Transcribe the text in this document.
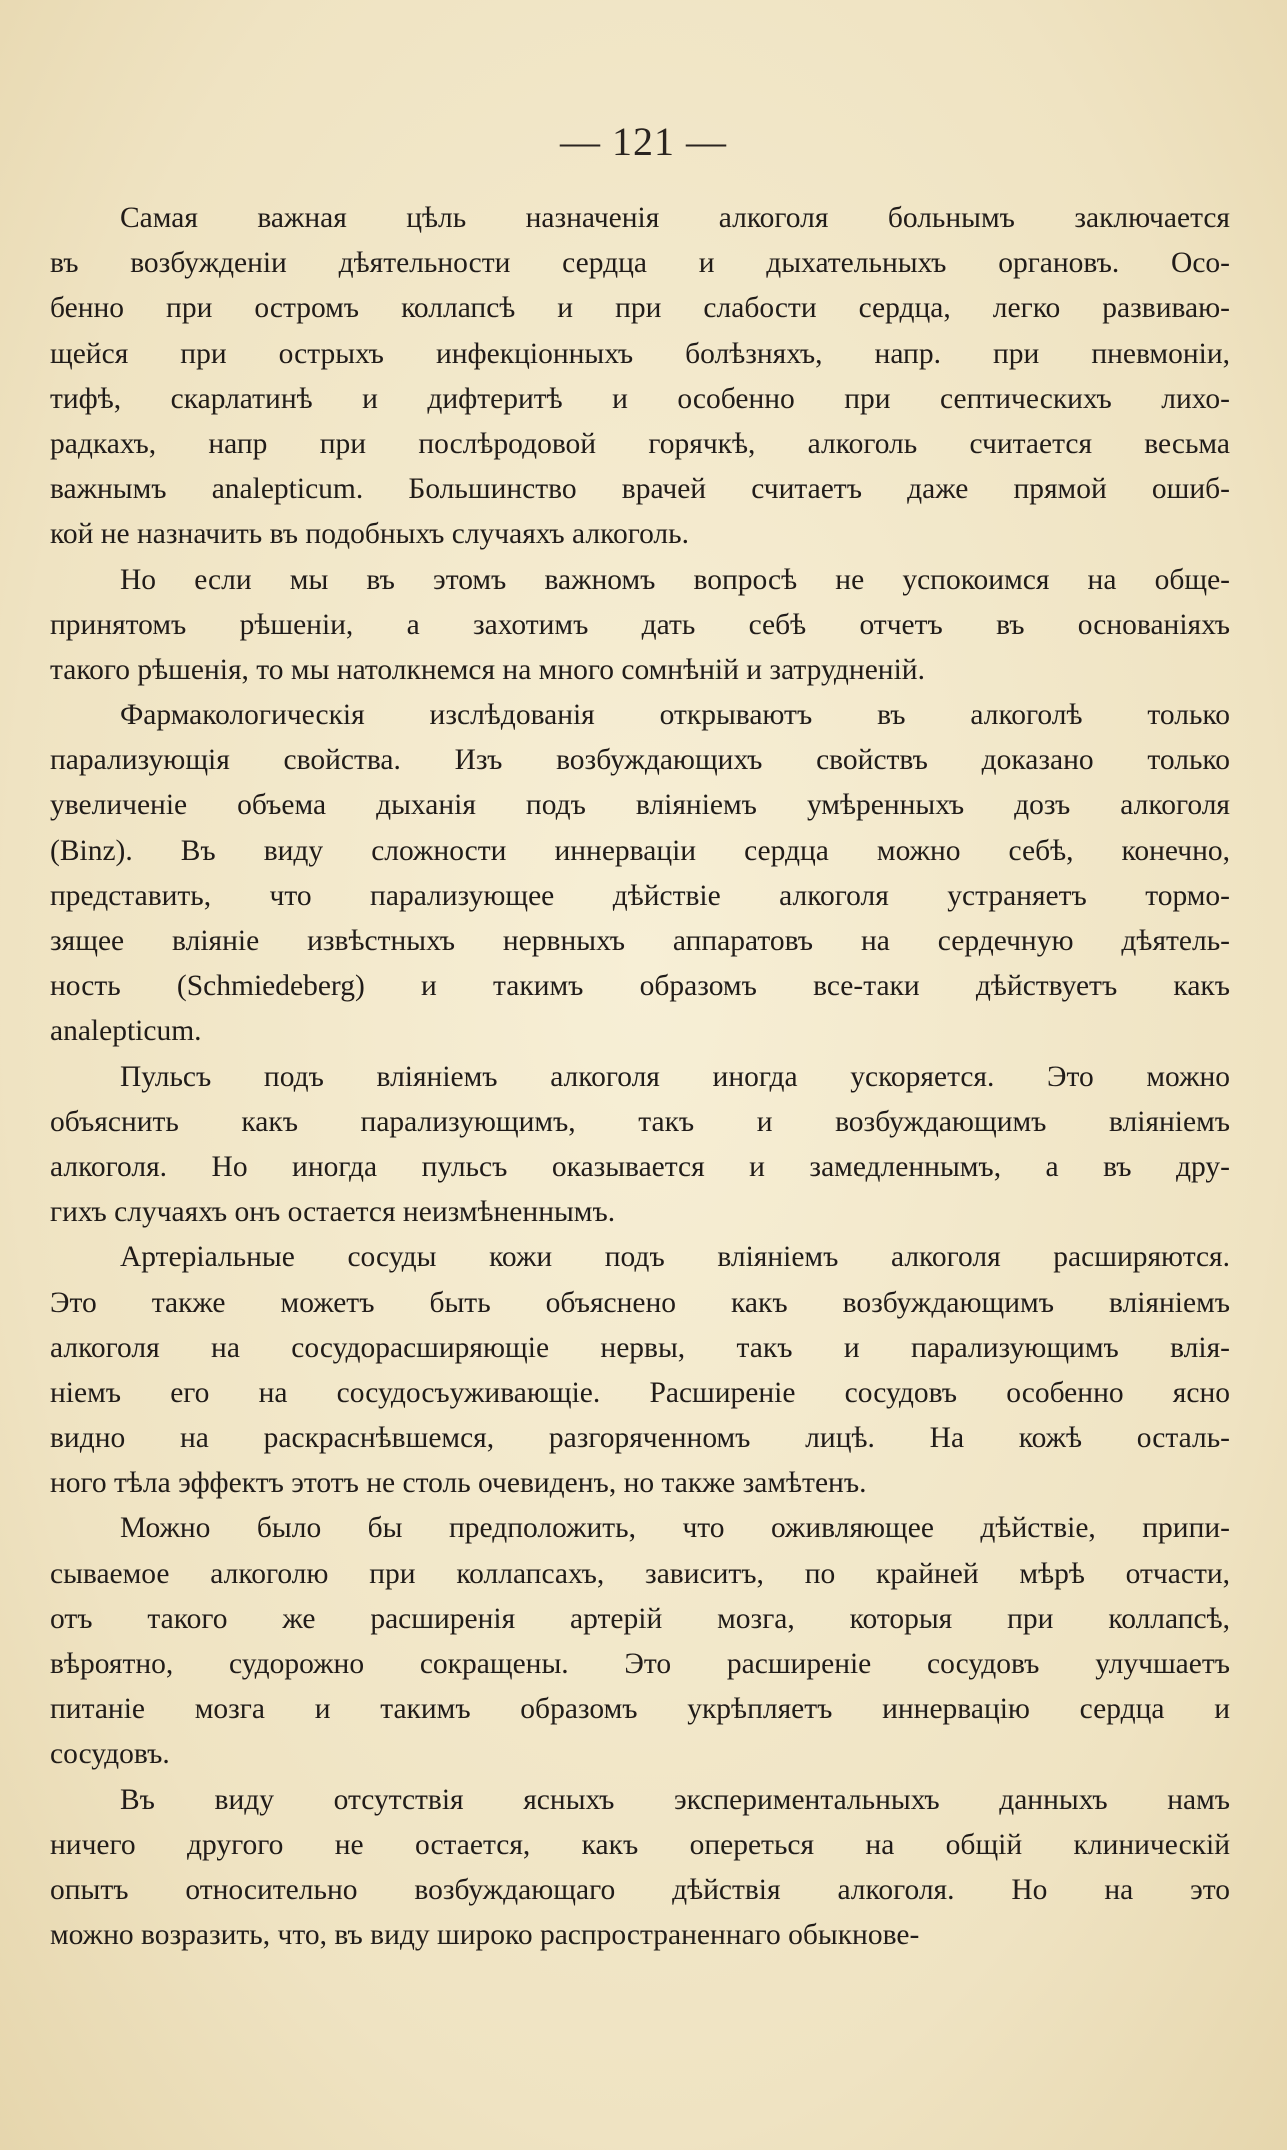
— 121 —
Самая важная цѣль назначенія алкоголя больнымъ заключается
въ возбужденіи дѣятельности сердца и дыхательныхъ органовъ. Осо-
бенно при остромъ коллапсѣ и при слабости сердца, легко развиваю-
щейся при острыхъ инфекціонныхъ болѣзняхъ, напр. при пневмоніи,
тифѣ, скарлатинѣ и дифтеритѣ и особенно при септическихъ лихо-
радкахъ, напр при послѣродовой горячкѣ, алкоголь считается весьма
важнымъ analepticum. Большинство врачей считаетъ даже прямой ошиб-
кой не назначить въ подобныхъ случаяхъ алкоголь.
Но если мы въ этомъ важномъ вопросѣ не успокоимся на обще-
принятомъ рѣшеніи, а захотимъ дать себѣ отчетъ въ основаніяхъ
такого рѣшенія, то мы натолкнемся на много сомнѣній и затрудненій.
Фармакологическія изслѣдованія открываютъ въ алкоголѣ только
парализующія свойства. Изъ возбуждающихъ свойствъ доказано только
увеличеніе объема дыханія подъ вліяніемъ умѣренныхъ дозъ алкоголя
(Binz). Въ виду сложности иннерваціи сердца можно себѣ, конечно,
представить, что парализующее дѣйствіе алкоголя устраняетъ тормо-
зящее вліяніе извѣстныхъ нервныхъ аппаратовъ на сердечную дѣятель-
ность (Schmiedeberg) и такимъ образомъ все-таки дѣйствуетъ какъ
analepticum.
Пульсъ подъ вліяніемъ алкоголя иногда ускоряется. Это можно
объяснить какъ парализующимъ, такъ и возбуждающимъ вліяніемъ
алкоголя. Но иногда пульсъ оказывается и замедленнымъ, а въ дру-
гихъ случаяхъ онъ остается неизмѣненнымъ.
Артеріальные сосуды кожи подъ вліяніемъ алкоголя расширяются.
Это также можетъ быть объяснено какъ возбуждающимъ вліяніемъ
алкоголя на сосудорасширяющіе нервы, такъ и парализующимъ влія-
ніемъ его на сосудосъуживающіе. Расширеніе сосудовъ особенно ясно
видно на раскраснѣвшемся, разгоряченномъ лицѣ. На кожѣ осталь-
ного тѣла эффектъ этотъ не столь очевиденъ, но также замѣтенъ.
Можно было бы предположить, что оживляющее дѣйствіе, припи-
сываемое алкоголю при коллапсахъ, зависитъ, по крайней мѣрѣ отчасти,
отъ такого же расширенія артерій мозга, которыя при коллапсѣ,
вѣроятно, судорожно сокращены. Это расширеніе сосудовъ улучшаетъ
питаніе мозга и такимъ образомъ укрѣпляетъ иннервацію сердца и
сосудовъ.
Въ виду отсутствія ясныхъ экспериментальныхъ данныхъ намъ
ничего другого не остается, какъ опереться на общій клиническій
опытъ относительно возбуждающаго дѣйствія алкоголя. Но на это
можно возразить, что, въ виду широко распространеннаго обыкнове-
